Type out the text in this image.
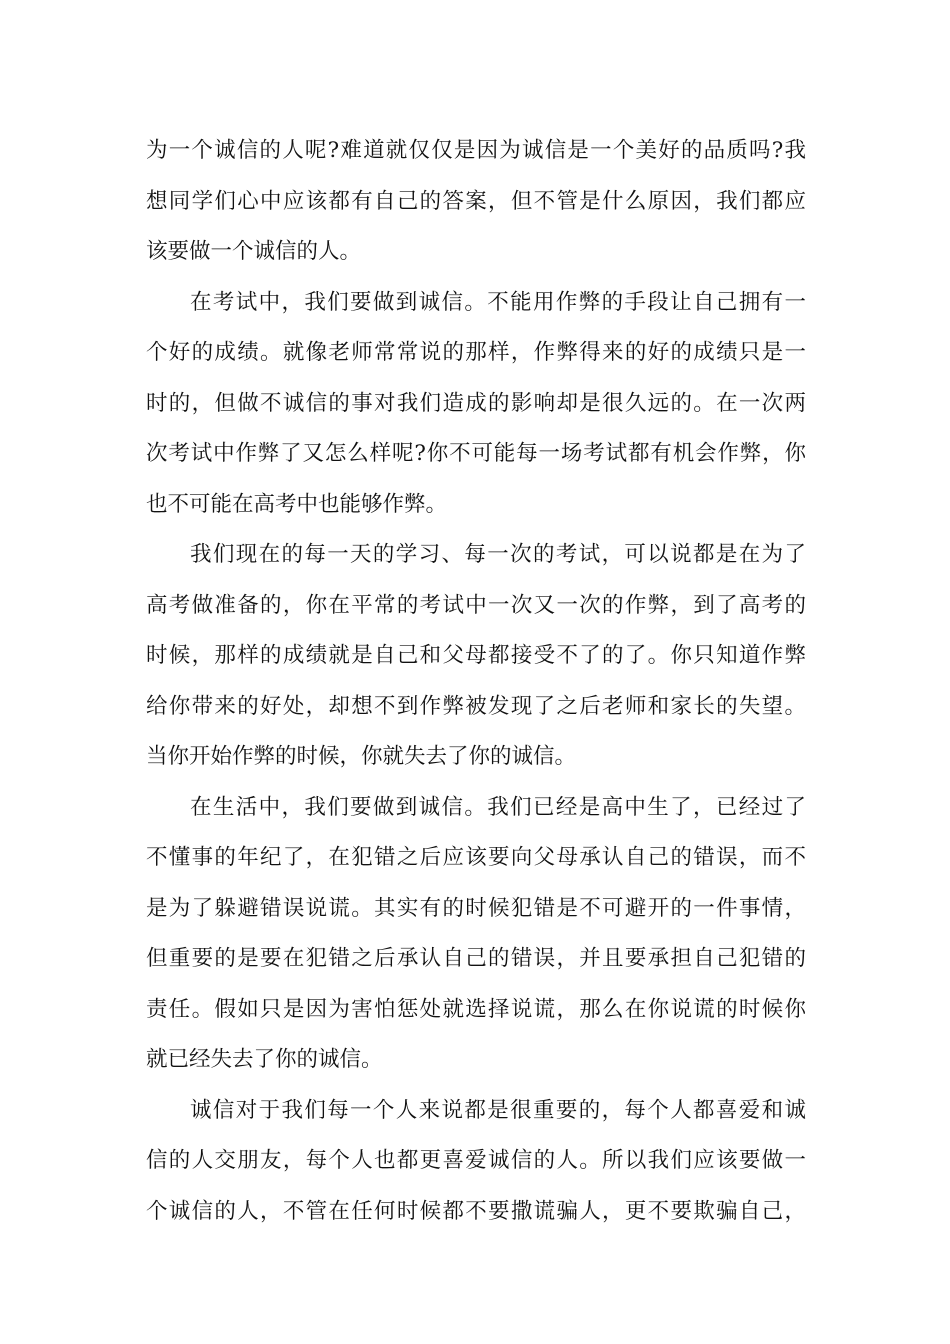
为一个诚信的人呢?难道就仅仅是因为诚信是一个美好的品质吗?我
想同学们心中应该都有自己的答案，但不管是什么原因，我们都应
该要做一个诚信的人。
在考试中，我们要做到诚信。不能用作弊的手段让自己拥有一
个好的成绩。就像老师常常说的那样，作弊得来的好的成绩只是一
时的，但做不诚信的事对我们造成的影响却是很久远的。在一次两
次考试中作弊了又怎么样呢?你不可能每一场考试都有机会作弊，你
也不可能在高考中也能够作弊。
我们现在的每一天的学习、每一次的考试，可以说都是在为了
高考做准备的，你在平常的考试中一次又一次的作弊，到了高考的
时候，那样的成绩就是自己和父母都接受不了的了。你只知道作弊
给你带来的好处，却想不到作弊被发现了之后老师和家长的失望。
当你开始作弊的时候，你就失去了你的诚信。
在生活中，我们要做到诚信。我们已经是高中生了，已经过了
不懂事的年纪了，在犯错之后应该要向父母承认自己的错误，而不
是为了躲避错误说谎。其实有的时候犯错是不可避开的一件事情，
但重要的是要在犯错之后承认自己的错误，并且要承担自己犯错的
责任。假如只是因为害怕惩处就选择说谎，那么在你说谎的时候你
就已经失去了你的诚信。
诚信对于我们每一个人来说都是很重要的，每个人都喜爱和诚
信的人交朋友，每个人也都更喜爱诚信的人。所以我们应该要做一
个诚信的人，不管在任何时候都不要撒谎骗人，更不要欺骗自己，
